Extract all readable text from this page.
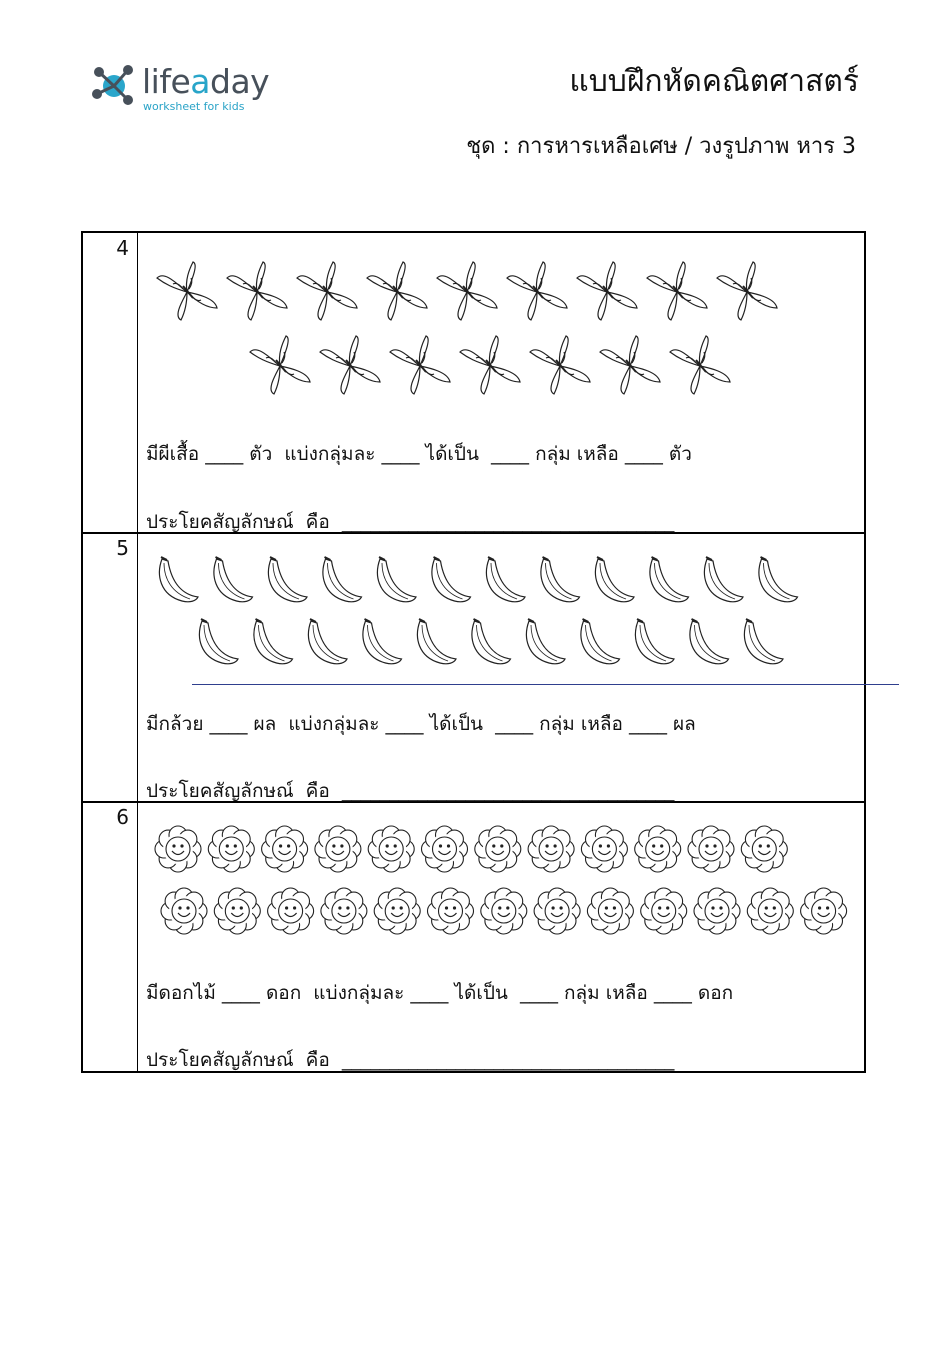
lifeaday
worksheet for kids
แบบฝึกหัดคณิตศาสตร์
ชุด : การหารเหลือเศษ / วงรูปภาพ หาร 3
4
มีผีเสื้อ ____ ตัว  แบ่งกลุ่มละ ____ ได้เป็น  ____ กลุ่ม เหลือ ____ ตัว
ประโยคสัญลักษณ์  คือ  ___________________________________
5
มีกล้วย ____ ผล  แบ่งกลุ่มละ ____ ได้เป็น  ____ กลุ่ม เหลือ ____ ผล
ประโยคสัญลักษณ์  คือ  ___________________________________
6
มีดอกไม้ ____ ดอก  แบ่งกลุ่มละ ____ ได้เป็น  ____ กลุ่ม เหลือ ____ ดอก
ประโยคสัญลักษณ์  คือ  ___________________________________
